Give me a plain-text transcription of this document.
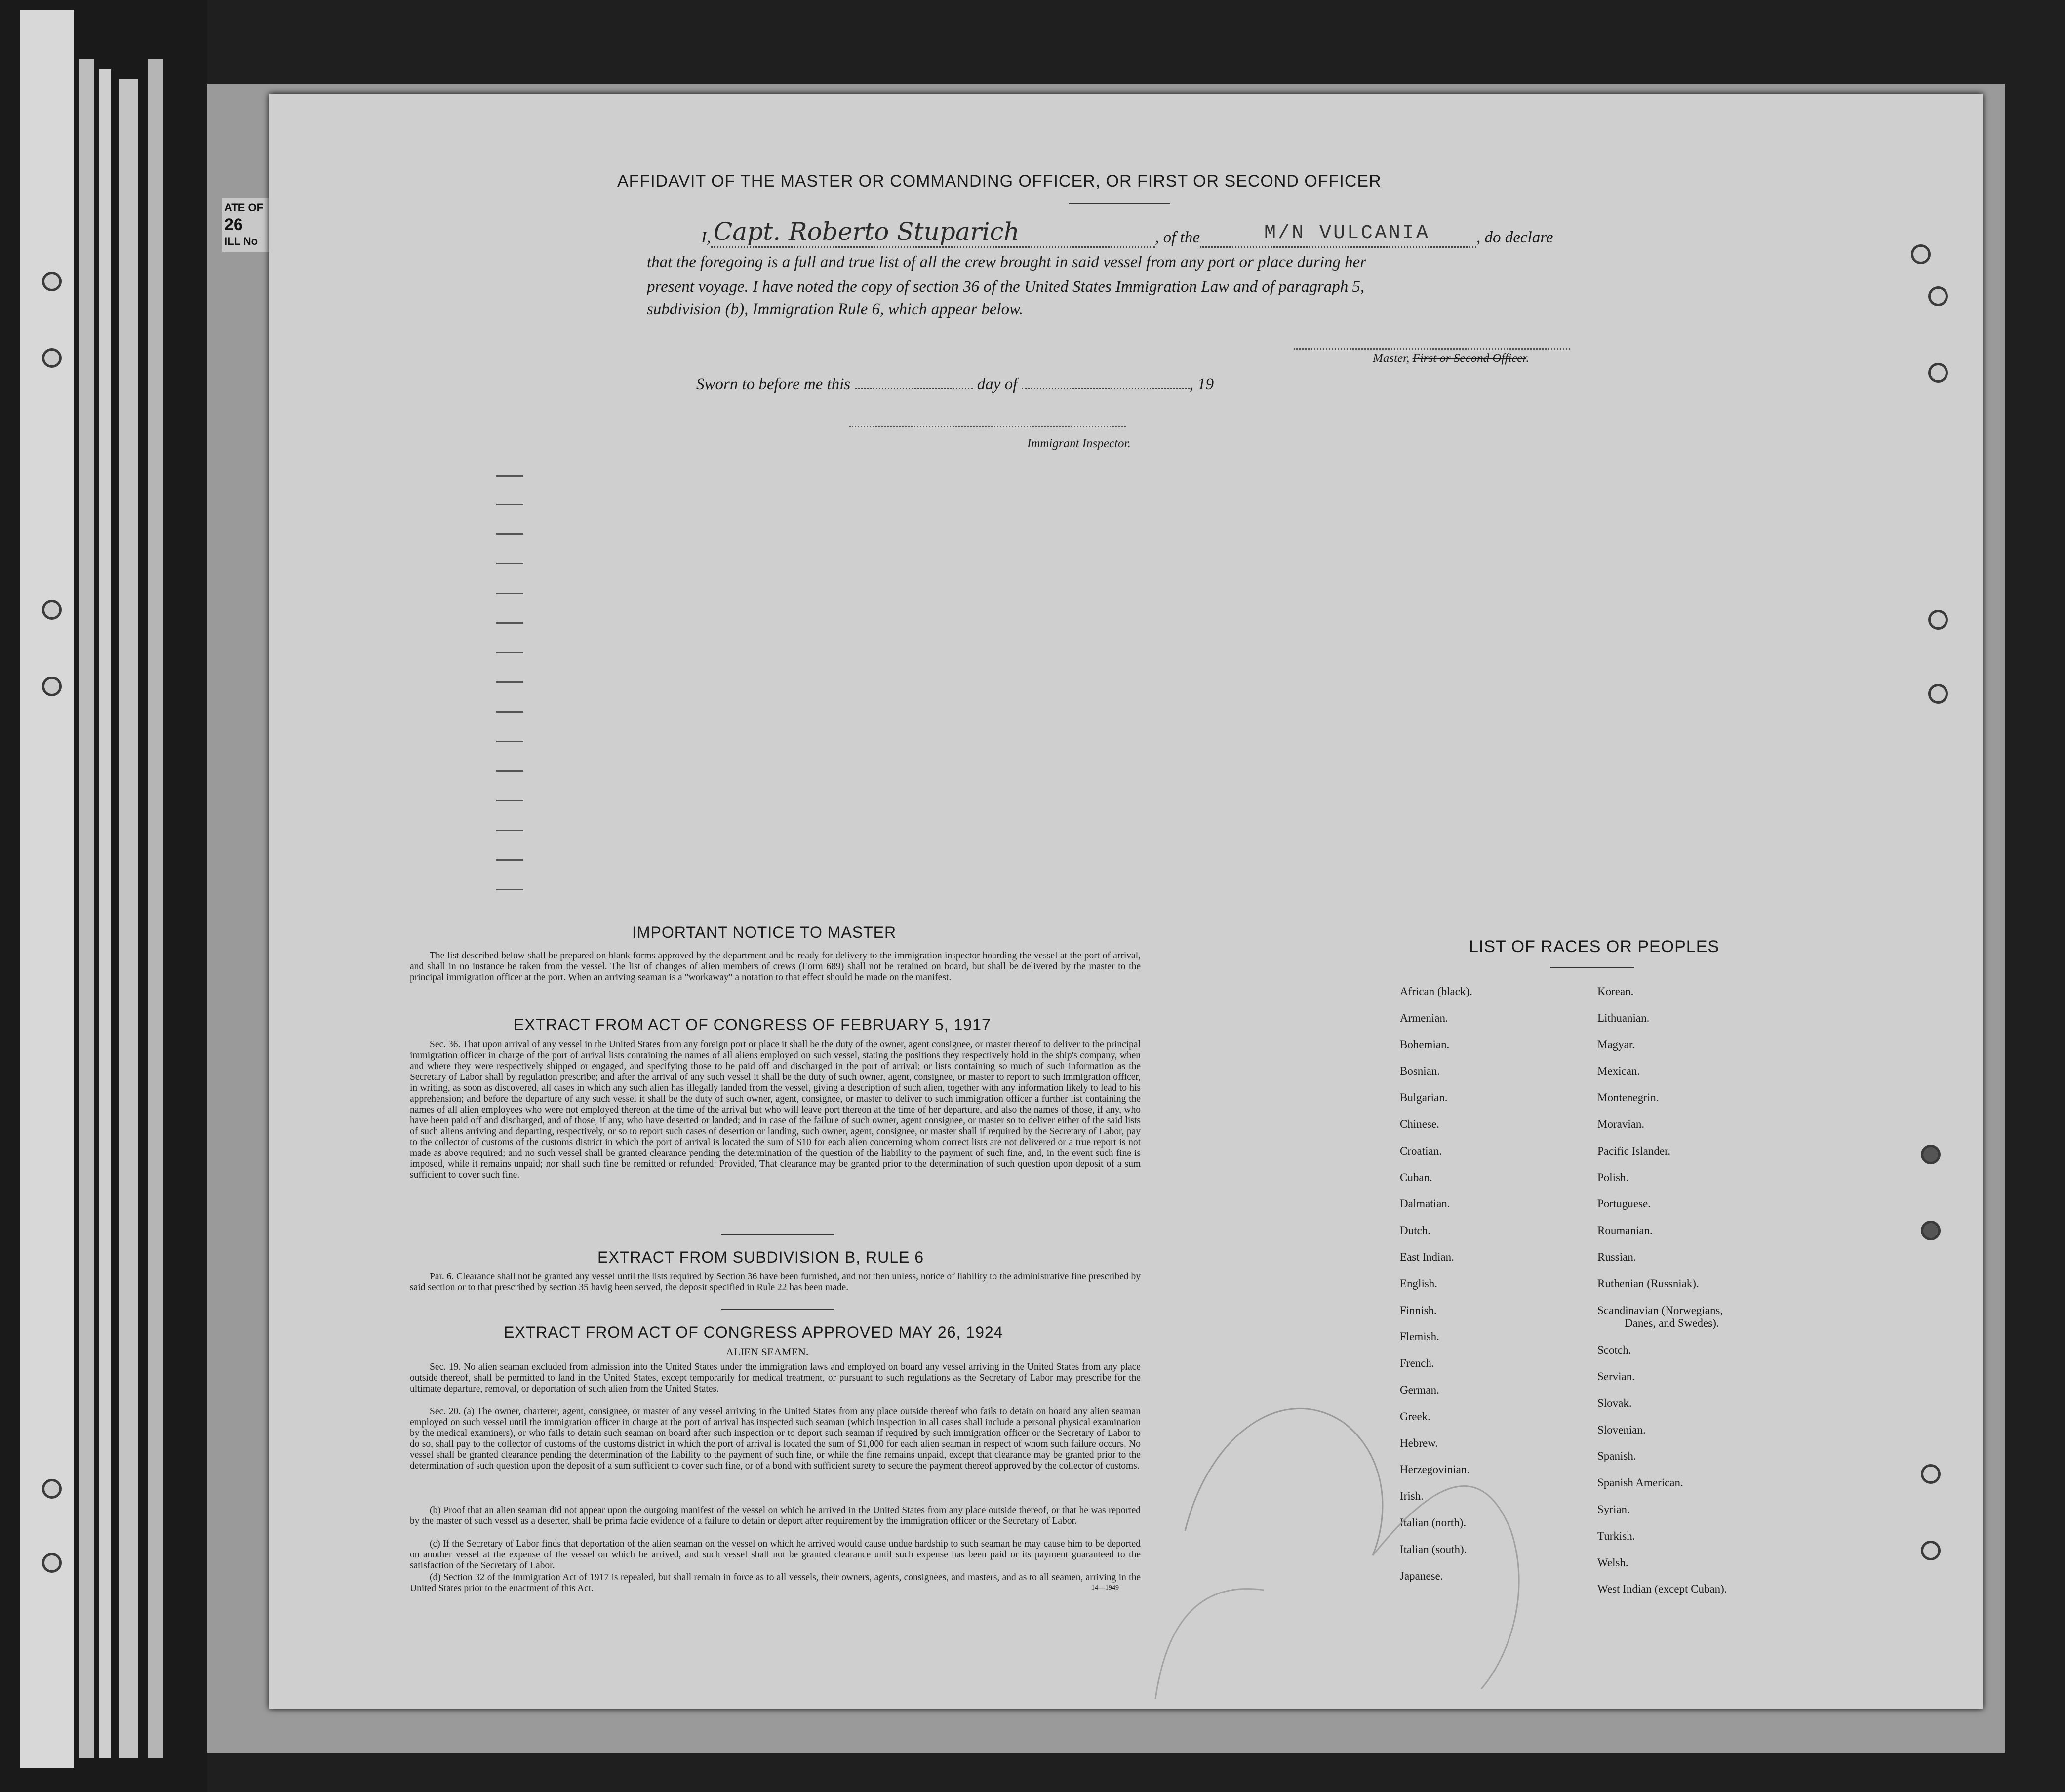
ATE OF
26
ILL No
AFFIDAVIT OF THE MASTER OR COMMANDING OFFICER, OR FIRST OR SECOND OFFICER
I,	, of the	, do declare
Capt. Roberto Stuparich	M/N VULCANIA
that the foregoing is a full and true list of all the crew brought in said vessel from any port or place during her
present voyage. I have noted the copy of section 36 of the United States Immigration Law and of paragraph 5,
subdivision (b), Immigration Rule 6, which appear below.
Master, First or Second Officer.
Sworn to before me this	day of	, 19
Immigrant Inspector.
IMPORTANT NOTICE TO MASTER
The list described below shall be prepared on blank forms approved by the department and be ready for delivery to the immigration inspector boarding the vessel at the port of arrival, and shall in no instance be taken from the vessel. The list of changes of alien members of crews (Form 689) shall not be retained on board, but shall be delivered by the master to the principal immigration officer at the port. When an arriving seaman is a "workaway" a notation to that effect should be made on the manifest.
EXTRACT FROM ACT OF CONGRESS OF FEBRUARY 5, 1917
Sec. 36. That upon arrival of any vessel in the United States from any foreign port or place it shall be the duty of the owner, agent consignee, or master thereof to deliver to the principal immigration officer in charge of the port of arrival lists containing the names of all aliens employed on such vessel, stating the positions they respectively hold in the ship's company, when and where they were respectively shipped or engaged, and specifying those to be paid off and discharged in the port of arrival; or lists containing so much of such information as the Secretary of Labor shall by regulation prescribe; and after the arrival of any such vessel it shall be the duty of such owner, agent, consignee, or master to report to such immigration officer, in writing, as soon as discovered, all cases in which any such alien has illegally landed from the vessel, giving a description of such alien, together with any information likely to lead to his apprehension; and before the departure of any such vessel it shall be the duty of such owner, agent, consignee, or master to deliver to such immigration officer a further list containing the names of all alien employees who were not employed thereon at the time of the arrival but who will leave port thereon at the time of her departure, and also the names of those, if any, who have been paid off and discharged, and of those, if any, who have deserted or landed; and in case of the failure of such owner, agent consignee, or master so to deliver either of the said lists of such aliens arriving and departing, respectively, or so to report such cases of desertion or landing, such owner, agent, consignee, or master shall if required by the Secretary of Labor, pay to the collector of customs of the customs district in which the port of arrival is located the sum of $10 for each alien concerning whom correct lists are not delivered or a true report is not made as above required; and no such vessel shall be granted clearance pending the determination of the question of the liability to the payment of such fine, and, in the event such fine is imposed, while it remains unpaid; nor shall such fine be remitted or refunded: Provided, That clearance may be granted prior to the determination of such question upon deposit of a sum sufficient to cover such fine.
EXTRACT FROM SUBDIVISION B, RULE 6
Par. 6. Clearance shall not be granted any vessel until the lists required by Section 36 have been furnished, and not then unless, notice of liability to the administrative fine prescribed by said section or to that prescribed by section 35 havig been served, the deposit specified in Rule 22 has been made.
EXTRACT FROM ACT OF CONGRESS APPROVED MAY 26, 1924
ALIEN SEAMEN.
Sec. 19. No alien seaman excluded from admission into the United States under the immigration laws and employed on board any vessel arriving in the United States from any place outside thereof, shall be permitted to land in the United States, except temporarily for medical treatment, or pursuant to such regulations as the Secretary of Labor may prescribe for the ultimate departure, removal, or deportation of such alien from the United States.
Sec. 20. (a) The owner, charterer, agent, consignee, or master of any vessel arriving in the United States from any place outside thereof who fails to detain on board any alien seaman employed on such vessel until the immigration officer in charge at the port of arrival has inspected such seaman (which inspection in all cases shall include a personal physical examination by the medical examiners), or who fails to detain such seaman on board after such inspection or to deport such seaman if required by such immigration officer or the Secretary of Labor to do so, shall pay to the collector of customs of the customs district in which the port of arrival is located the sum of $1,000 for each alien seaman in respect of whom such failure occurs. No vessel shall be granted clearance pending the determination of the liability to the payment of such fine, or while the fine remains unpaid, except that clearance may be granted prior to the determination of such question upon the deposit of a sum sufficient to cover such fine, or of a bond with sufficient surety to secure the payment thereof approved by the collector of customs.
(b) Proof that an alien seaman did not appear upon the outgoing manifest of the vessel on which he arrived in the United States from any place outside thereof, or that he was reported by the master of such vessel as a deserter, shall be prima facie evidence of a failure to detain or deport after requirement by the immigration officer or the Secretary of Labor.
(c) If the Secretary of Labor finds that deportation of the alien seaman on the vessel on which he arrived would cause undue hardship to such seaman he may cause him to be deported on another vessel at the expense of the vessel on which he arrived, and such vessel shall not be granted clearance until such expense has been paid or its payment guaranteed to the satisfaction of the Secretary of Labor.
(d) Section 32 of the Immigration Act of 1917 is repealed, but shall remain in force as to all vessels, their owners, agents, consignees, and masters, and as to all seamen, arriving in the United States prior to the enactment of this Act.	14—1949
LIST OF RACES OR PEOPLES
African (black).
Armenian.
Bohemian.
Bosnian.
Bulgarian.
Chinese.
Croatian.
Cuban.
Dalmatian.
Dutch.
East Indian.
English.
Finnish.
Flemish.
French.
German.
Greek.
Hebrew.
Herzegovinian.
Irish.
Italian (north).
Italian (south).
Japanese.
Korean.
Lithuanian.
Magyar.
Mexican.
Montenegrin.
Moravian.
Pacific Islander.
Polish.
Portuguese.
Roumanian.
Russian.
Ruthenian (Russniak).
Scandinavian (Norwegians,
Danes, and Swedes).
Scotch.
Servian.
Slovak.
Slovenian.
Spanish.
Spanish American.
Syrian.
Turkish.
Welsh.
West Indian (except Cuban).
